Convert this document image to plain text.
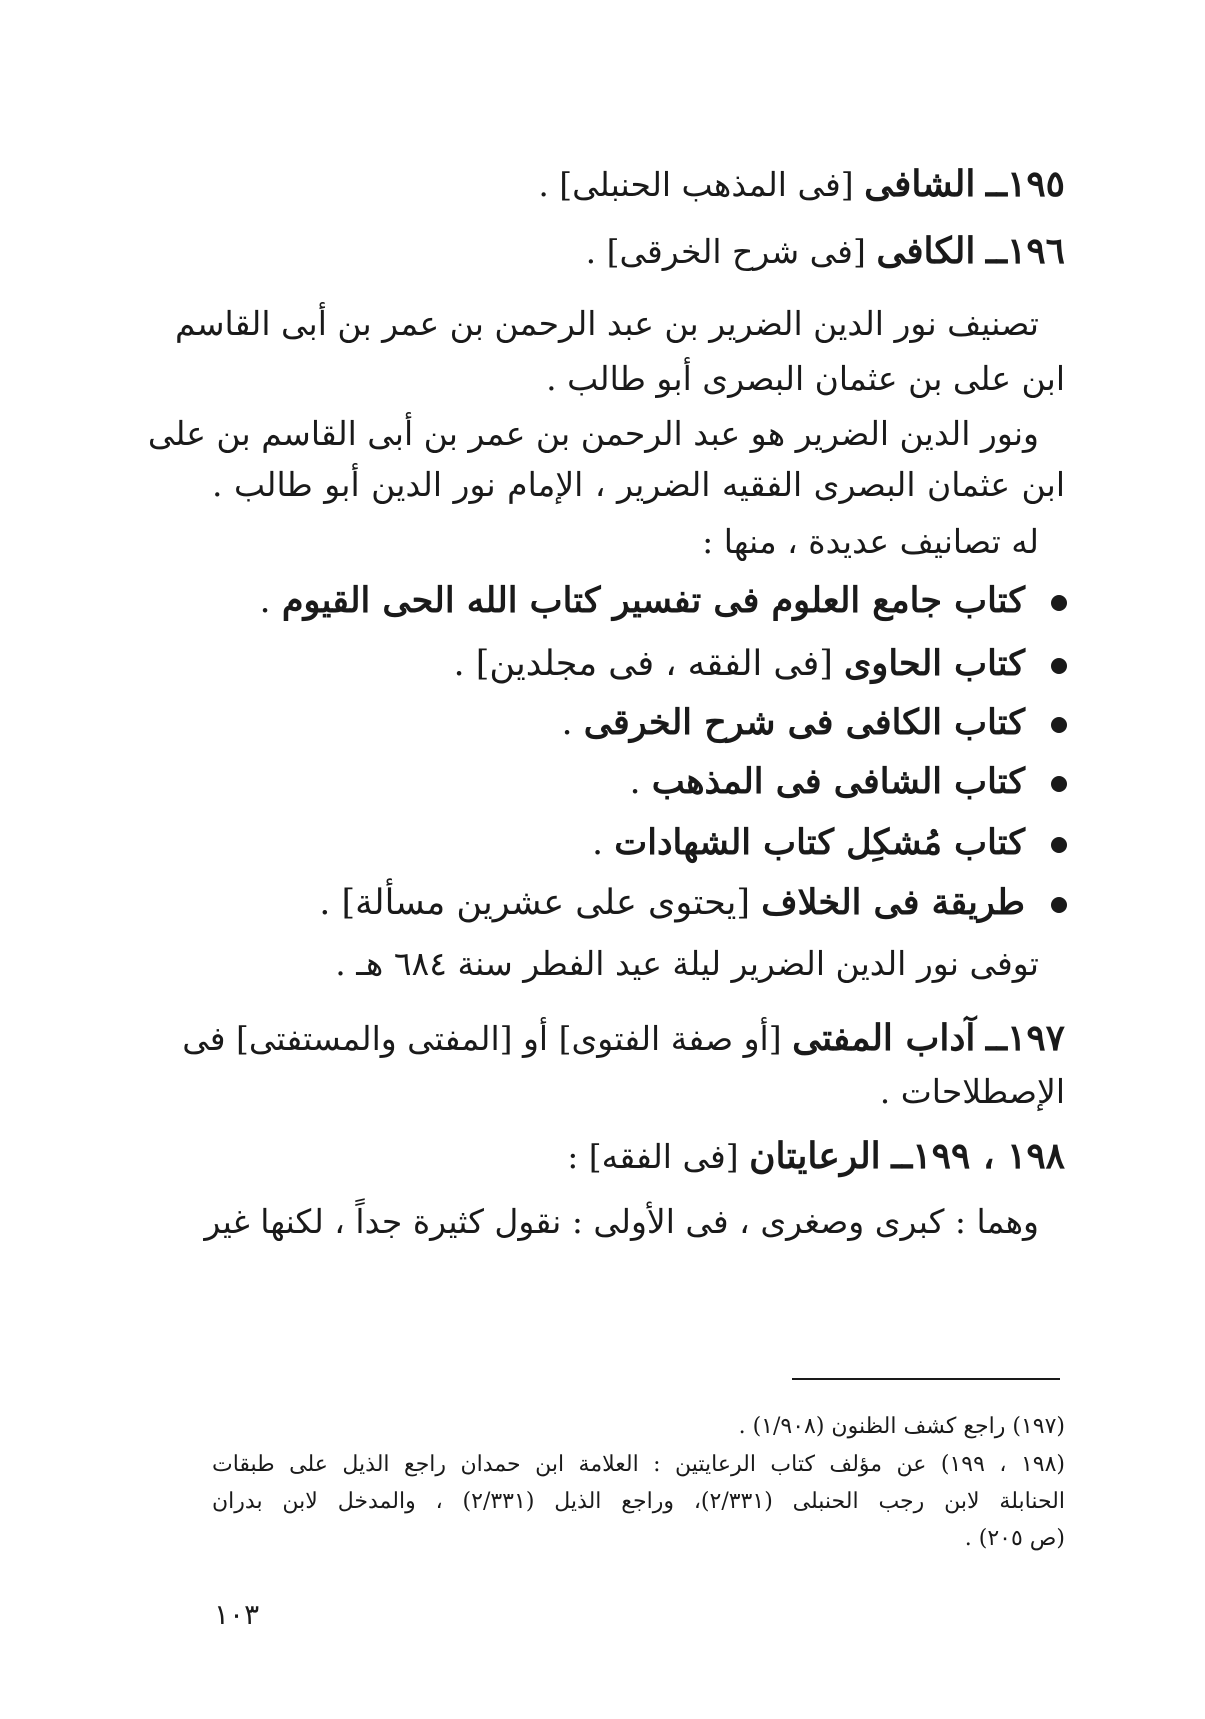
١٩٥ــ الشافى [فى المذهب الحنبلى] .
١٩٦ــ الكافى [فى شرح الخرقى] .
تصنيف نور الدين الضرير بن عبد الرحمن بن عمر بن أبى القاسم
ابن على بن عثمان البصرى أبو طالب .
ونور الدين الضرير هو عبد الرحمن بن عمر بن أبى القاسم بن على
ابن عثمان البصرى الفقيه الضرير ، الإمام نور الدين أبو طالب .
له تصانيف عديدة ، منها :
كتاب جامع العلوم فى تفسير كتاب الله الحى القيوم .
كتاب الحاوى [فى الفقه ، فى مجلدين] .
كتاب الكافى فى شرح الخرقى .
كتاب الشافى فى المذهب .
كتاب مُشكِل كتاب الشهادات .
طريقة فى الخلاف [يحتوى على عشرين مسألة] .
توفى نور الدين الضرير ليلة عيد الفطر سنة ٦٨٤ هـ .
١٩٧ــ آداب المفتى [أو صفة الفتوى] أو [المفتى والمستفتى] فى
الإصطلاحات .
١٩٨ ، ١٩٩ــ الرعايتان [فى الفقه] :
وهما : كبرى وصغرى ، فى الأولى : نقول كثيرة جداً ، لكنها غير
(١٩٧) راجع كشف الظنون (١/٩٠٨) .
(١٩٨ ، ١٩٩) عن مؤلف كتاب الرعايتين : العلامة ابن حمدان راجع الذيل على طبقات
الحنابلة لابن رجب الحنبلى (٢/٣٣١)، وراجع الذيل (٢/٣٣١) ، والمدخل لابن بدران
(ص ٢٠٥) .
١٠٣
